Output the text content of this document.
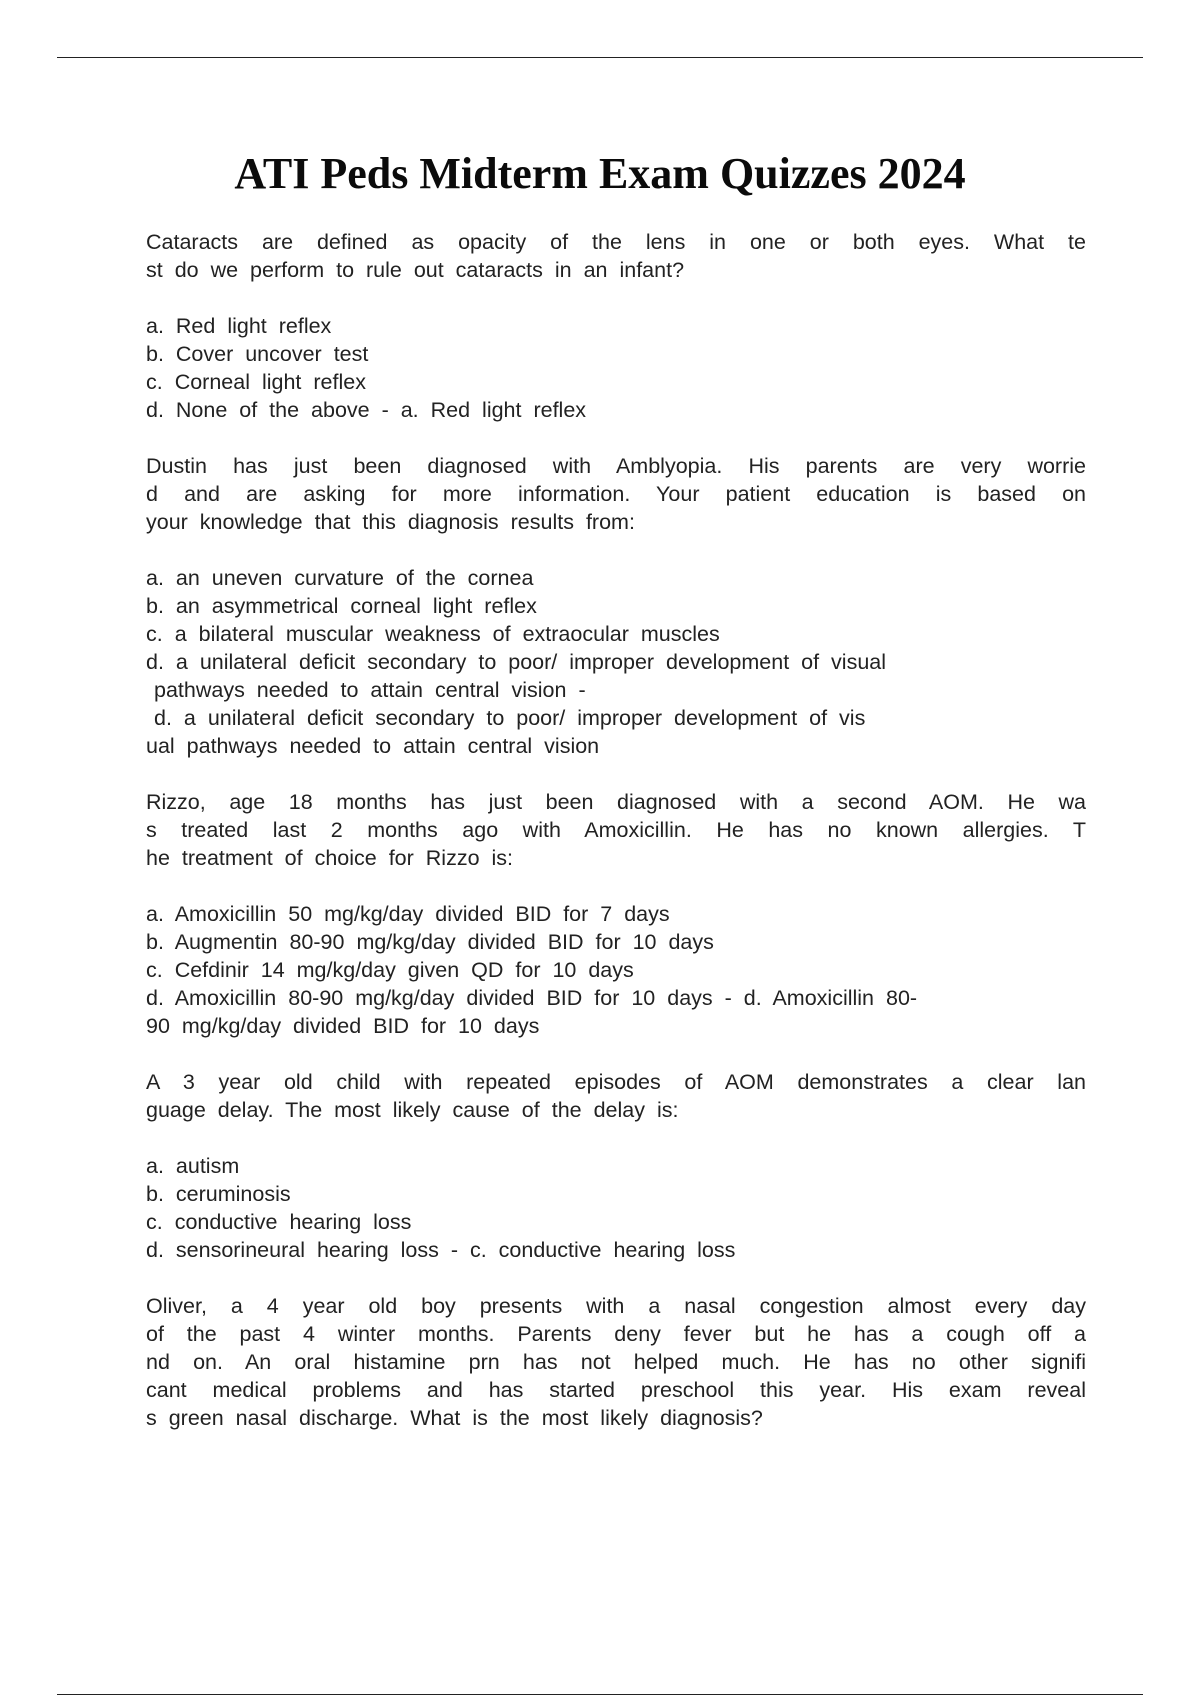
ATI Peds Midterm Exam Quizzes 2024
Cataracts are defined as opacity of the lens in one or both eyes. What te
st do we perform to rule out cataracts in an infant?
a. Red light reflex
b. Cover uncover test
c. Corneal light reflex
d. None of the above - a. Red light reflex
Dustin has just been diagnosed with Amblyopia. His parents are very worrie
d and are asking for more information. Your patient education is based on
your knowledge that this diagnosis results from:
a. an uneven curvature of the cornea
b. an asymmetrical corneal light reflex
c. a bilateral muscular weakness of extraocular muscles
d. a unilateral deficit secondary to poor/ improper development of visual
pathways needed to attain central vision -
d. a unilateral deficit secondary to poor/ improper development of vis
ual pathways needed to attain central vision
Rizzo, age 18 months has just been diagnosed with a second AOM. He wa
s treated last 2 months ago with Amoxicillin. He has no known allergies. T
he treatment of choice for Rizzo is:
a. Amoxicillin 50 mg/kg/day divided BID for 7 days
b. Augmentin 80-90 mg/kg/day divided BID for 10 days
c. Cefdinir 14 mg/kg/day given QD for 10 days
d. Amoxicillin 80-90 mg/kg/day divided BID for 10 days - d. Amoxicillin 80-
90 mg/kg/day divided BID for 10 days
A 3 year old child with repeated episodes of AOM demonstrates a clear lan
guage delay. The most likely cause of the delay is:
a. autism
b. ceruminosis
c. conductive hearing loss
d. sensorineural hearing loss - c. conductive hearing loss
Oliver, a 4 year old boy presents with a nasal congestion almost every day
of the past 4 winter months. Parents deny fever but he has a cough off a
nd on. An oral histamine prn has not helped much. He has no other signifi
cant medical problems and has started preschool this year. His exam reveal
s green nasal discharge. What is the most likely diagnosis?
